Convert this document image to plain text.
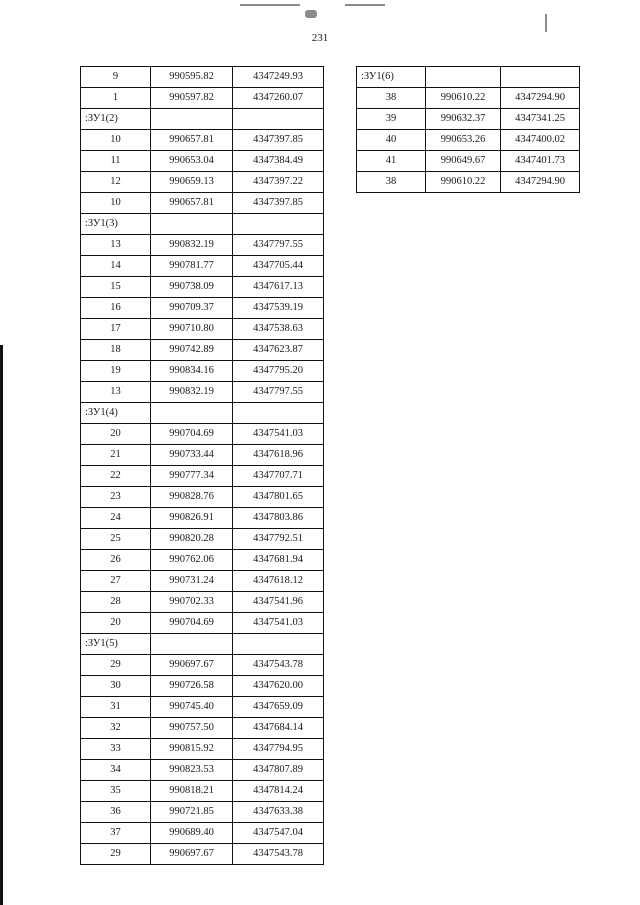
231
9	990595.82	4347249.93
1	990597.82	4347260.07
:ЗУ1(2)		
10	990657.81	4347397.85
11	990653.04	4347384.49
12	990659.13	4347397.22
10	990657.81	4347397.85
:ЗУ1(3)		
13	990832.19	4347797.55
14	990781.77	4347705.44
15	990738.09	4347617.13
16	990709.37	4347539.19
17	990710.80	4347538.63
18	990742.89	4347623.87
19	990834.16	4347795.20
13	990832.19	4347797.55
:ЗУ1(4)		
20	990704.69	4347541.03
21	990733.44	4347618.96
22	990777.34	4347707.71
23	990828.76	4347801.65
24	990826.91	4347803.86
25	990820.28	4347792.51
26	990762.06	4347681.94
27	990731.24	4347618.12
28	990702.33	4347541.96
20	990704.69	4347541.03
:ЗУ1(5)		
29	990697.67	4347543.78
30	990726.58	4347620.00
31	990745.40	4347659.09
32	990757.50	4347684.14
33	990815.92	4347794.95
34	990823.53	4347807.89
35	990818.21	4347814.24
36	990721.85	4347633.38
37	990689.40	4347547.04
29	990697.67	4347543.78
:ЗУ1(6)		
38	990610.22	4347294.90
39	990632.37	4347341.25
40	990653.26	4347400.02
41	990649.67	4347401.73
38	990610.22	4347294.90
